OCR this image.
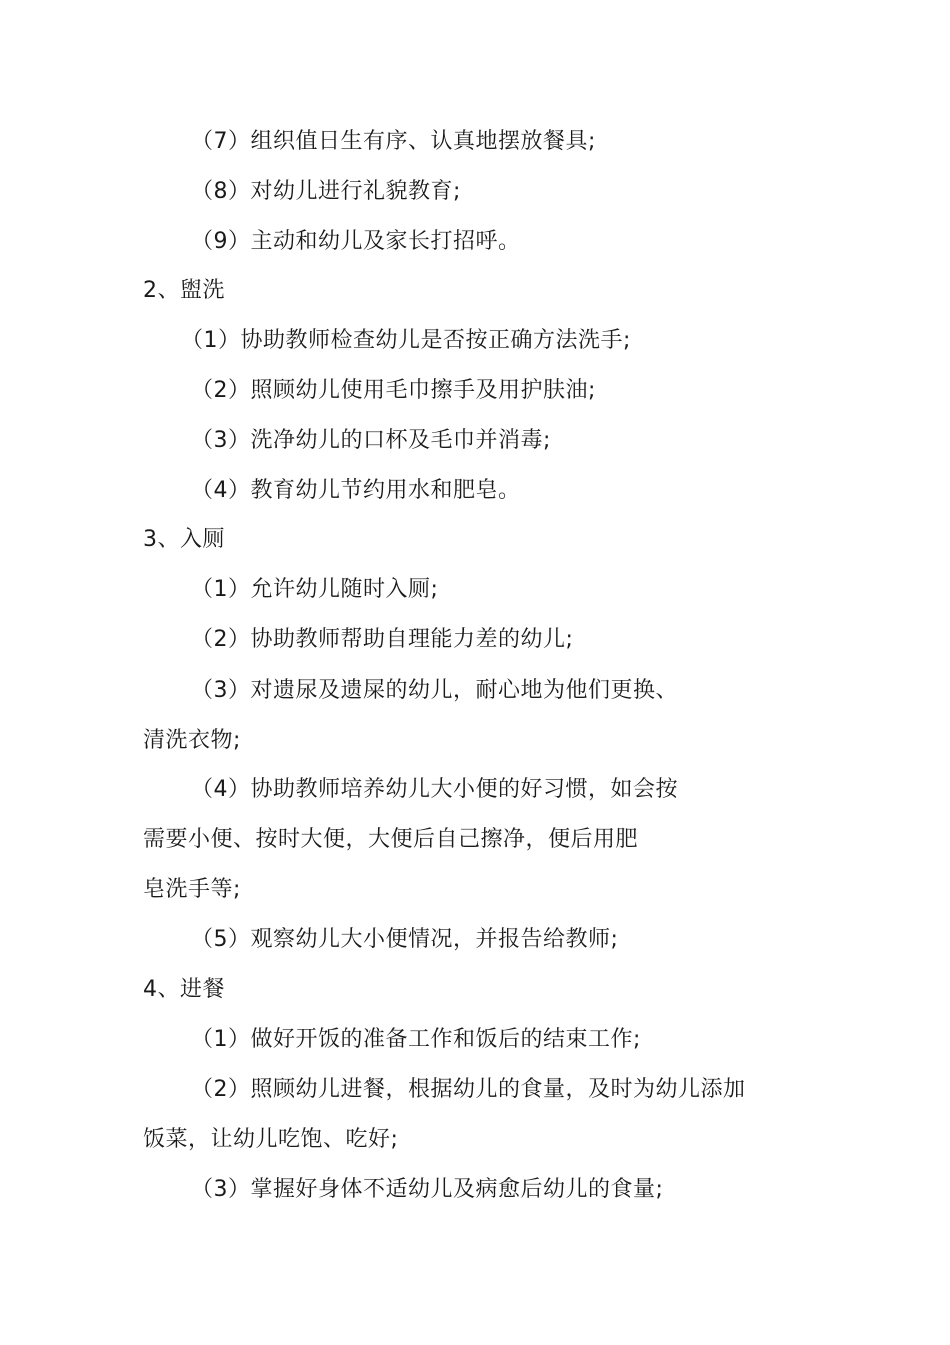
（7）组织值日生有序、认真地摆放餐具;
（8）对幼儿进行礼貌教育;
（9）主动和幼儿及家长打招呼。
2、盥洗
（1）协助教师检查幼儿是否按正确方法洗手;
（2）照顾幼儿使用毛巾擦手及用护肤油;
（3）洗净幼儿的口杯及毛巾并消毒;
（4）教育幼儿节约用水和肥皂。
3、入厕
（1）允许幼儿随时入厕;
（2）协助教师帮助自理能力差的幼儿;
（3）对遗尿及遗屎的幼儿，耐心地为他们更换、
清洗衣物;
（4）协助教师培养幼儿大小便的好习惯，如会按
需要小便、按时大便，大便后自己擦净，便后用肥
皂洗手等;
（5）观察幼儿大小便情况，并报告给教师;
4、进餐
（1）做好开饭的准备工作和饭后的结束工作;
（2）照顾幼儿进餐，根据幼儿的食量，及时为幼儿添加
饭菜，让幼儿吃饱、吃好;
（3）掌握好身体不适幼儿及病愈后幼儿的食量;
